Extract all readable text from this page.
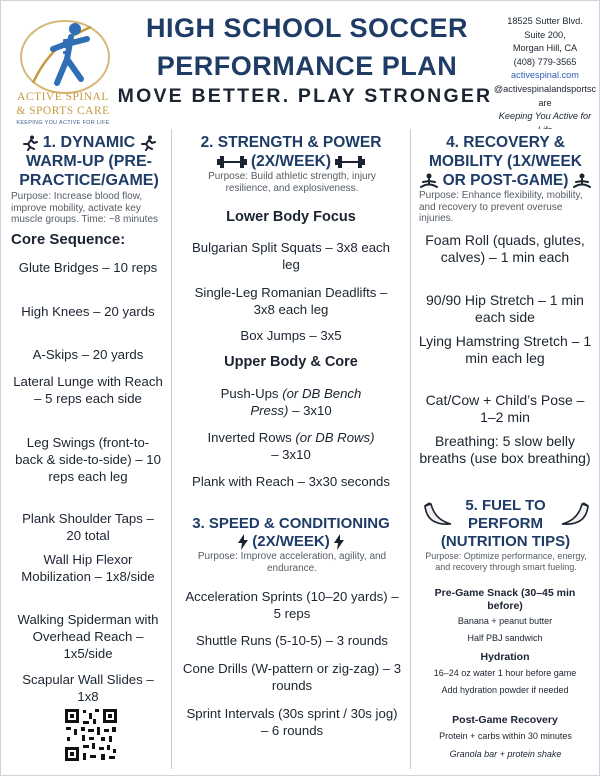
ACTIVE SPINAL
& SPORTS CARE
KEEPING YOU ACTIVE FOR LIFE
HIGH SCHOOL SOCCER
PERFORMANCE PLAN
MOVE BETTER. PLAY STRONGER
18525 Sutter Blvd.
Suite 200,
Morgan Hill, CA
(408) 779-3565
activespinal.com
@activespinalandsportscare
Keeping You Active for
1. DYNAMIC
WARM-UP (PRE-
PRACTICE/GAME)
Purpose: Increase blood flow, improve mobility, activate key muscle groups. Time: ~8 minutes
Core Sequence:
Glute Bridges – 10 reps
High Knees – 20 yards
A-Skips – 20 yards
Lateral Lunge with Reach – 5 reps each side
Leg Swings (front-to-back & side-to-side) – 10 reps each leg
Plank Shoulder Taps – 20 total
Wall Hip Flexor Mobilization – 1x8/side
Walking Spiderman with Overhead Reach – 1x5/side
Scapular Wall Slides – 1x8
2. STRENGTH & POWER
(2X/WEEK)
Purpose: Build athletic strength, injury resilience, and explosiveness.
Lower Body Focus
Bulgarian Split Squats – 3x8 each leg
Single-Leg Romanian Deadlifts – 3x8 each leg
Box Jumps – 3x5
Upper Body & Core
Push-Ups (or DB Bench
Press) – 3x10
Inverted Rows (or DB Rows)
– 3x10
Plank with Reach – 3x30 seconds
3. SPEED & CONDITIONING
(2X/WEEK)
Purpose: Improve acceleration, agility, and endurance.
Acceleration Sprints (10–20 yards) – 5 reps
Shuttle Runs (5-10-5) – 3 rounds
Cone Drills (W-pattern or zig-zag) – 3 rounds
Sprint Intervals (30s sprint / 30s jog) – 6 rounds
4. RECOVERY &
MOBILITY (1X/WEEK
OR POST-GAME)
Purpose: Enhance flexibility, mobility, and recovery to prevent overuse injuries.
Foam Roll (quads, glutes, calves) – 1 min each
90/90 Hip Stretch – 1 min each side
Lying Hamstring Stretch – 1 min each leg
Cat/Cow + Child’s Pose – 1–2 min
Breathing: 5 slow belly breaths (use box breathing)
5. FUEL TO
PERFORM
(NUTRITION TIPS)
Purpose: Optimize performance, energy, and recovery through smart fueling.
Pre-Game Snack (30–45 min before)
Banana + peanut butter
Half PBJ sandwich
Hydration
16–24 oz water 1 hour before game
Add hydration powder if needed
Post-Game Recovery
Protein + carbs within 30 minutes
Granola bar + protein shake
